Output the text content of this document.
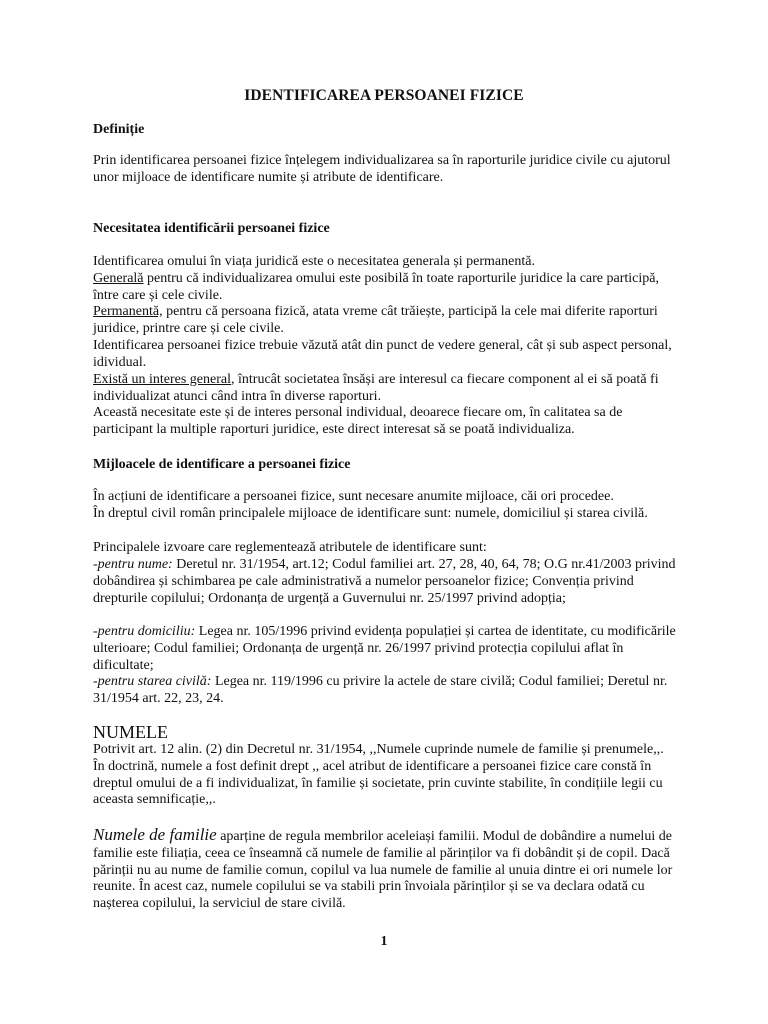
IDENTIFICAREA PERSOANEI FIZICE
Definiție

Prin identificarea persoanei fizice înțelegem individualizarea sa în raporturile juridice civile cu ajutorul unor mijloace de identificare numite și atribute de identificare.

Necesitatea identificării persoanei fizice

Identificarea omului în viața juridică este o necesitatea generala și permanentă.

Generală pentru că individualizarea omului este posibilă în toate raporturile juridice la care participă, între care și cele civile.

Permanentă, pentru că persoana fizică, atata vreme cât trăiește, participă la cele mai diferite raporturi juridice, printre care și cele civile.

Identificarea persoanei fizice trebuie văzută atât din punct de vedere general, cât și sub aspect personal, idividual.

Există un interes general, întrucât societatea însăși are interesul ca fiecare component al ei să poată fi individualizat atunci când intra în diverse raporturi.

Această necesitate este și de interes personal individual, deoarece fiecare om, în calitatea sa de participant la multiple raporturi juridice, este direct interesat să se poată individualiza.

Mijloacele de identificare a persoanei fizice

În acțiuni de identificare a persoanei fizice, sunt necesare anumite mijloace, căi ori procedee.

În dreptul civil român principalele mijloace de identificare sunt: numele, domiciliul și starea civilă.

Principalele izvoare care reglementează atributele de identificare sunt:

-pentru nume: Deretul nr. 31/1954, art.12; Codul familiei art. 27, 28, 40, 64, 78; O.G nr.41/2003 privind dobândirea și schimbarea pe cale administrativă a numelor persoanelor fizice; Convenția privind drepturile copilului; Ordonanța de urgență a Guvernului nr. 25/1997 privind adopția;

-pentru domiciliu: Legea nr. 105/1996 privind evidența populației și cartea de identitate, cu modificările ulterioare; Codul familiei; Ordonanța de urgență nr. 26/1997 privind protecția copilului aflat în dificultate;

-pentru starea civilă: Legea nr. 119/1996 cu privire la actele de stare civilă; Codul familiei; Deretul nr. 31/1954 art. 22, 23, 24.

NUMELE

Potrivit art. 12 alin. (2) din Decretul nr. 31/1954, ,,Numele cuprinde numele de familie și prenumele,,. În doctrină, numele a fost definit drept ,, acel atribut de identificare a persoanei fizice care constă în dreptul omului de a fi individualizat, în familie și societate, prin cuvinte stabilite, în condițiile legii cu aceasta semnificație,,.

Numele de familie aparține de regula membrilor aceleiași familii. Modul de dobândire a numelui de familie este filiația, ceea ce înseamnă că numele de familie al părinților va fi dobândit și de copil. Dacă părinții nu au nume de familie comun, copilul va lua numele de familie al unuia dintre ei ori numele lor reunite. În acest caz, numele copilului se va stabili prin învoiala părinților și se va declara odată cu nașterea copilului, la serviciul de stare civilă.

1
